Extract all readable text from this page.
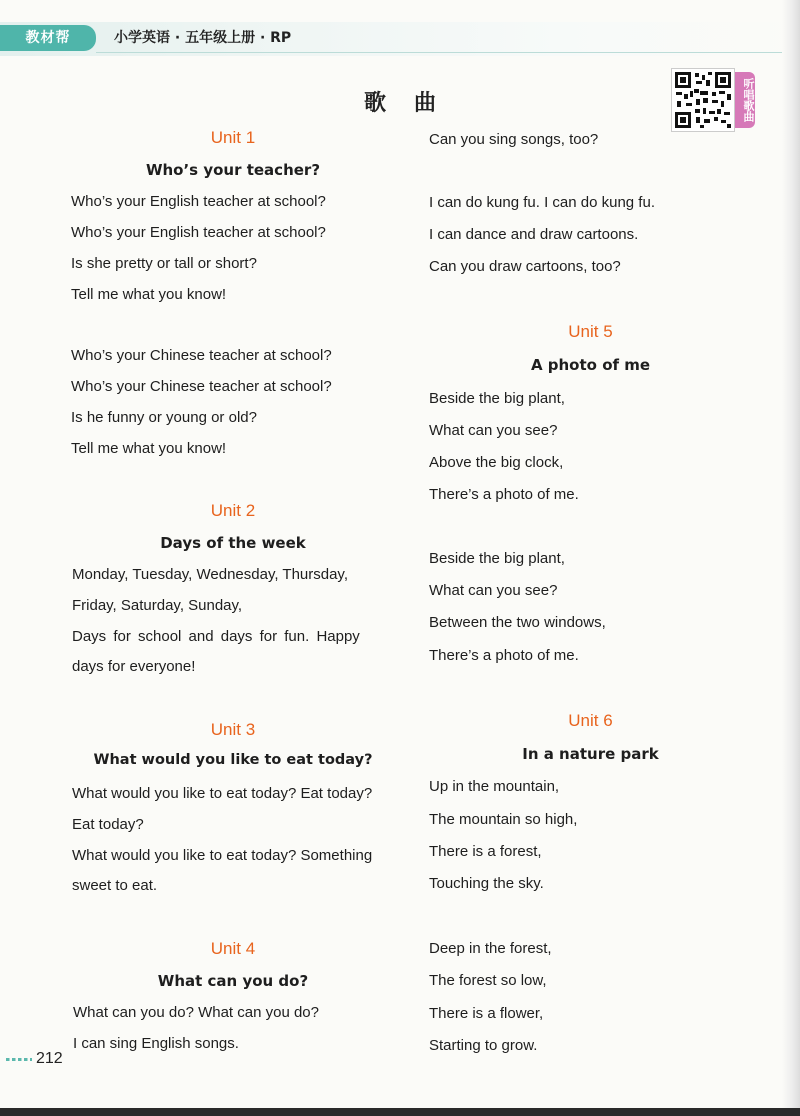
教材帮	小学英语 · 五年级上册 · RP
歌曲	听唱歌曲
Unit 1
Who’s your teacher?
Who’s your English teacher at school?
Who’s your English teacher at school?
Is she pretty or tall or short?
Tell me what you know!
Who’s your Chinese teacher at school?
Who’s your Chinese teacher at school?
Is he funny or young or old?
Tell me what you know!
Unit 2
Days of the week
Monday, Tuesday, Wednesday, Thursday,
Friday, Saturday, Sunday,
Days for school and days for fun. Happy
days for everyone!
Unit 3
What would you like to eat today?
What would you like to eat today? Eat today?
Eat today?
What would you like to eat today? Something
sweet to eat.
Unit 4
What can you do?
What can you do? What can you do?
I can sing English songs.
Can you sing songs, too?
I can do kung fu. I can do kung fu.
I can dance and draw cartoons.
Can you draw cartoons, too?
Unit 5
A photo of me
Beside the big plant,
What can you see?
Above the big clock,
There’s a photo of me.
Beside the big plant,
What can you see?
Between the two windows,
There’s a photo of me.
Unit 6
In a nature park
Up in the mountain,
The mountain so high,
There is a forest,
Touching the sky.
Deep in the forest,
The forest so low,
There is a flower,
Starting to grow.
212
